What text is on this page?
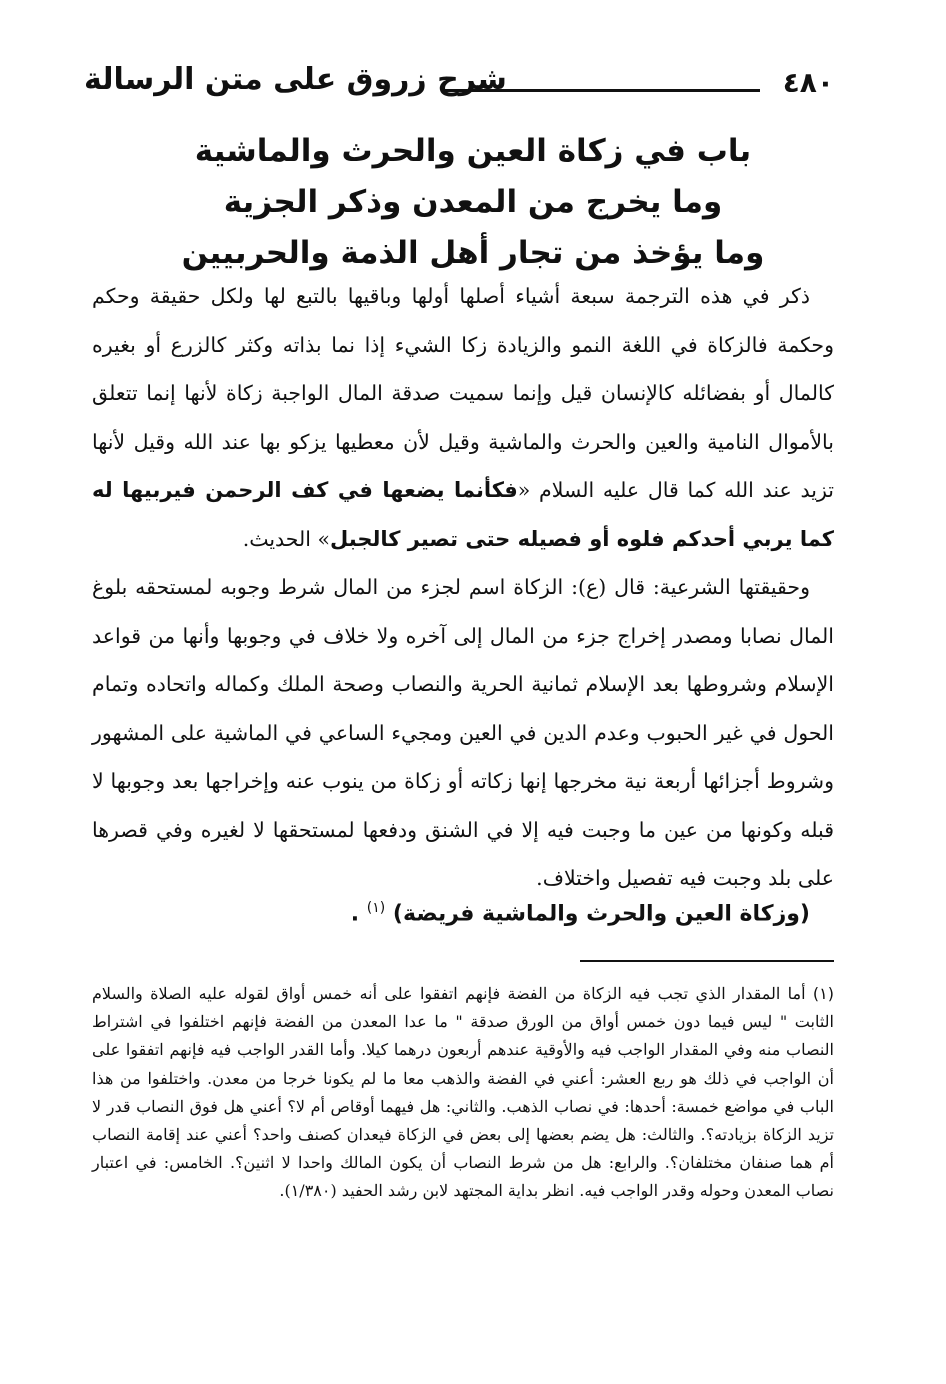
٤٨٠
شرح زروق على متن الرسالة
باب في زكاة العين والحرث والماشية
وما يخرج من المعدن وذكر الجزية
وما يؤخذ من تجار أهل الذمة والحربيين

ذكر في هذه الترجمة سبعة أشياء أصلها أولها وباقيها بالتبع لها ولكل حقيقة وحكم وحكمة فالزكاة في اللغة النمو والزيادة زكا الشيء إذا نما بذاته وكثر كالزرع أو بغيره كالمال أو بفضائله كالإنسان قيل وإنما سميت صدقة المال الواجبة زكاة لأنها إنما تتعلق بالأموال النامية والعين والحرث والماشية وقيل لأن معطيها يزكو بها عند الله وقيل لأنها تزيد عند الله كما قال عليه السلام «فكأنما يضعها في كف الرحمن فيربيها له كما يربي أحدكم فلوه أو فصيله حتى تصير كالجبل» الحديث.

وحقيقتها الشرعية: قال (ع): الزكاة اسم لجزء من المال شرط وجوبه لمستحقه بلوغ المال نصابا ومصدر إخراج جزء من المال إلى آخره ولا خلاف في وجوبها وأنها من قواعد الإسلام وشروطها بعد الإسلام ثمانية الحرية والنصاب وصحة الملك وكماله واتحاده وتمام الحول في غير الحبوب وعدم الدين في العين ومجيء الساعي في الماشية على المشهور وشروط أجزائها أربعة نية مخرجها إنها زكاته أو زكاة من ينوب عنه وإخراجها بعد وجوبها لا قبله وكونها من عين ما وجبت فيه إلا في الشنق ودفعها لمستحقها لا لغيره وفي قصرها على بلد وجبت فيه تفصيل واختلاف.

(وزكاة العين والحرث والماشية فريضة) $^{(١)}$ .
(١) أما المقدار الذي تجب فيه الزكاة من الفضة فإنهم اتفقوا على أنه خمس أواق لقوله عليه الصلاة والسلام الثابت " ليس فيما دون خمس أواق من الورق صدقة " ما عدا المعدن من الفضة فإنهم اختلفوا في اشتراط النصاب منه وفي المقدار الواجب فيه والأوقية عندهم أربعون درهما كيلا. وأما القدر الواجب فيه فإنهم اتفقوا على أن الواجب في ذلك هو ربع العشر: أعني في الفضة والذهب معا ما لم يكونا خرجا من معدن. واختلفوا من هذا الباب في مواضع خمسة: أحدها: في نصاب الذهب. والثاني: هل فيهما أوقاص أم لا؟ أعني هل فوق النصاب قدر لا تزيد الزكاة بزيادته؟. والثالث: هل يضم بعضها إلى بعض في الزكاة فيعدان كصنف واحد؟ أعني عند إقامة النصاب أم هما صنفان مختلفان؟. والرابع: هل من شرط النصاب أن يكون المالك واحدا لا اثنين؟. الخامس: في اعتبار نصاب المعدن وحوله وقدر الواجب فيه. انظر بداية المجتهد لابن رشد الحفيد (١/٣٨٠).
